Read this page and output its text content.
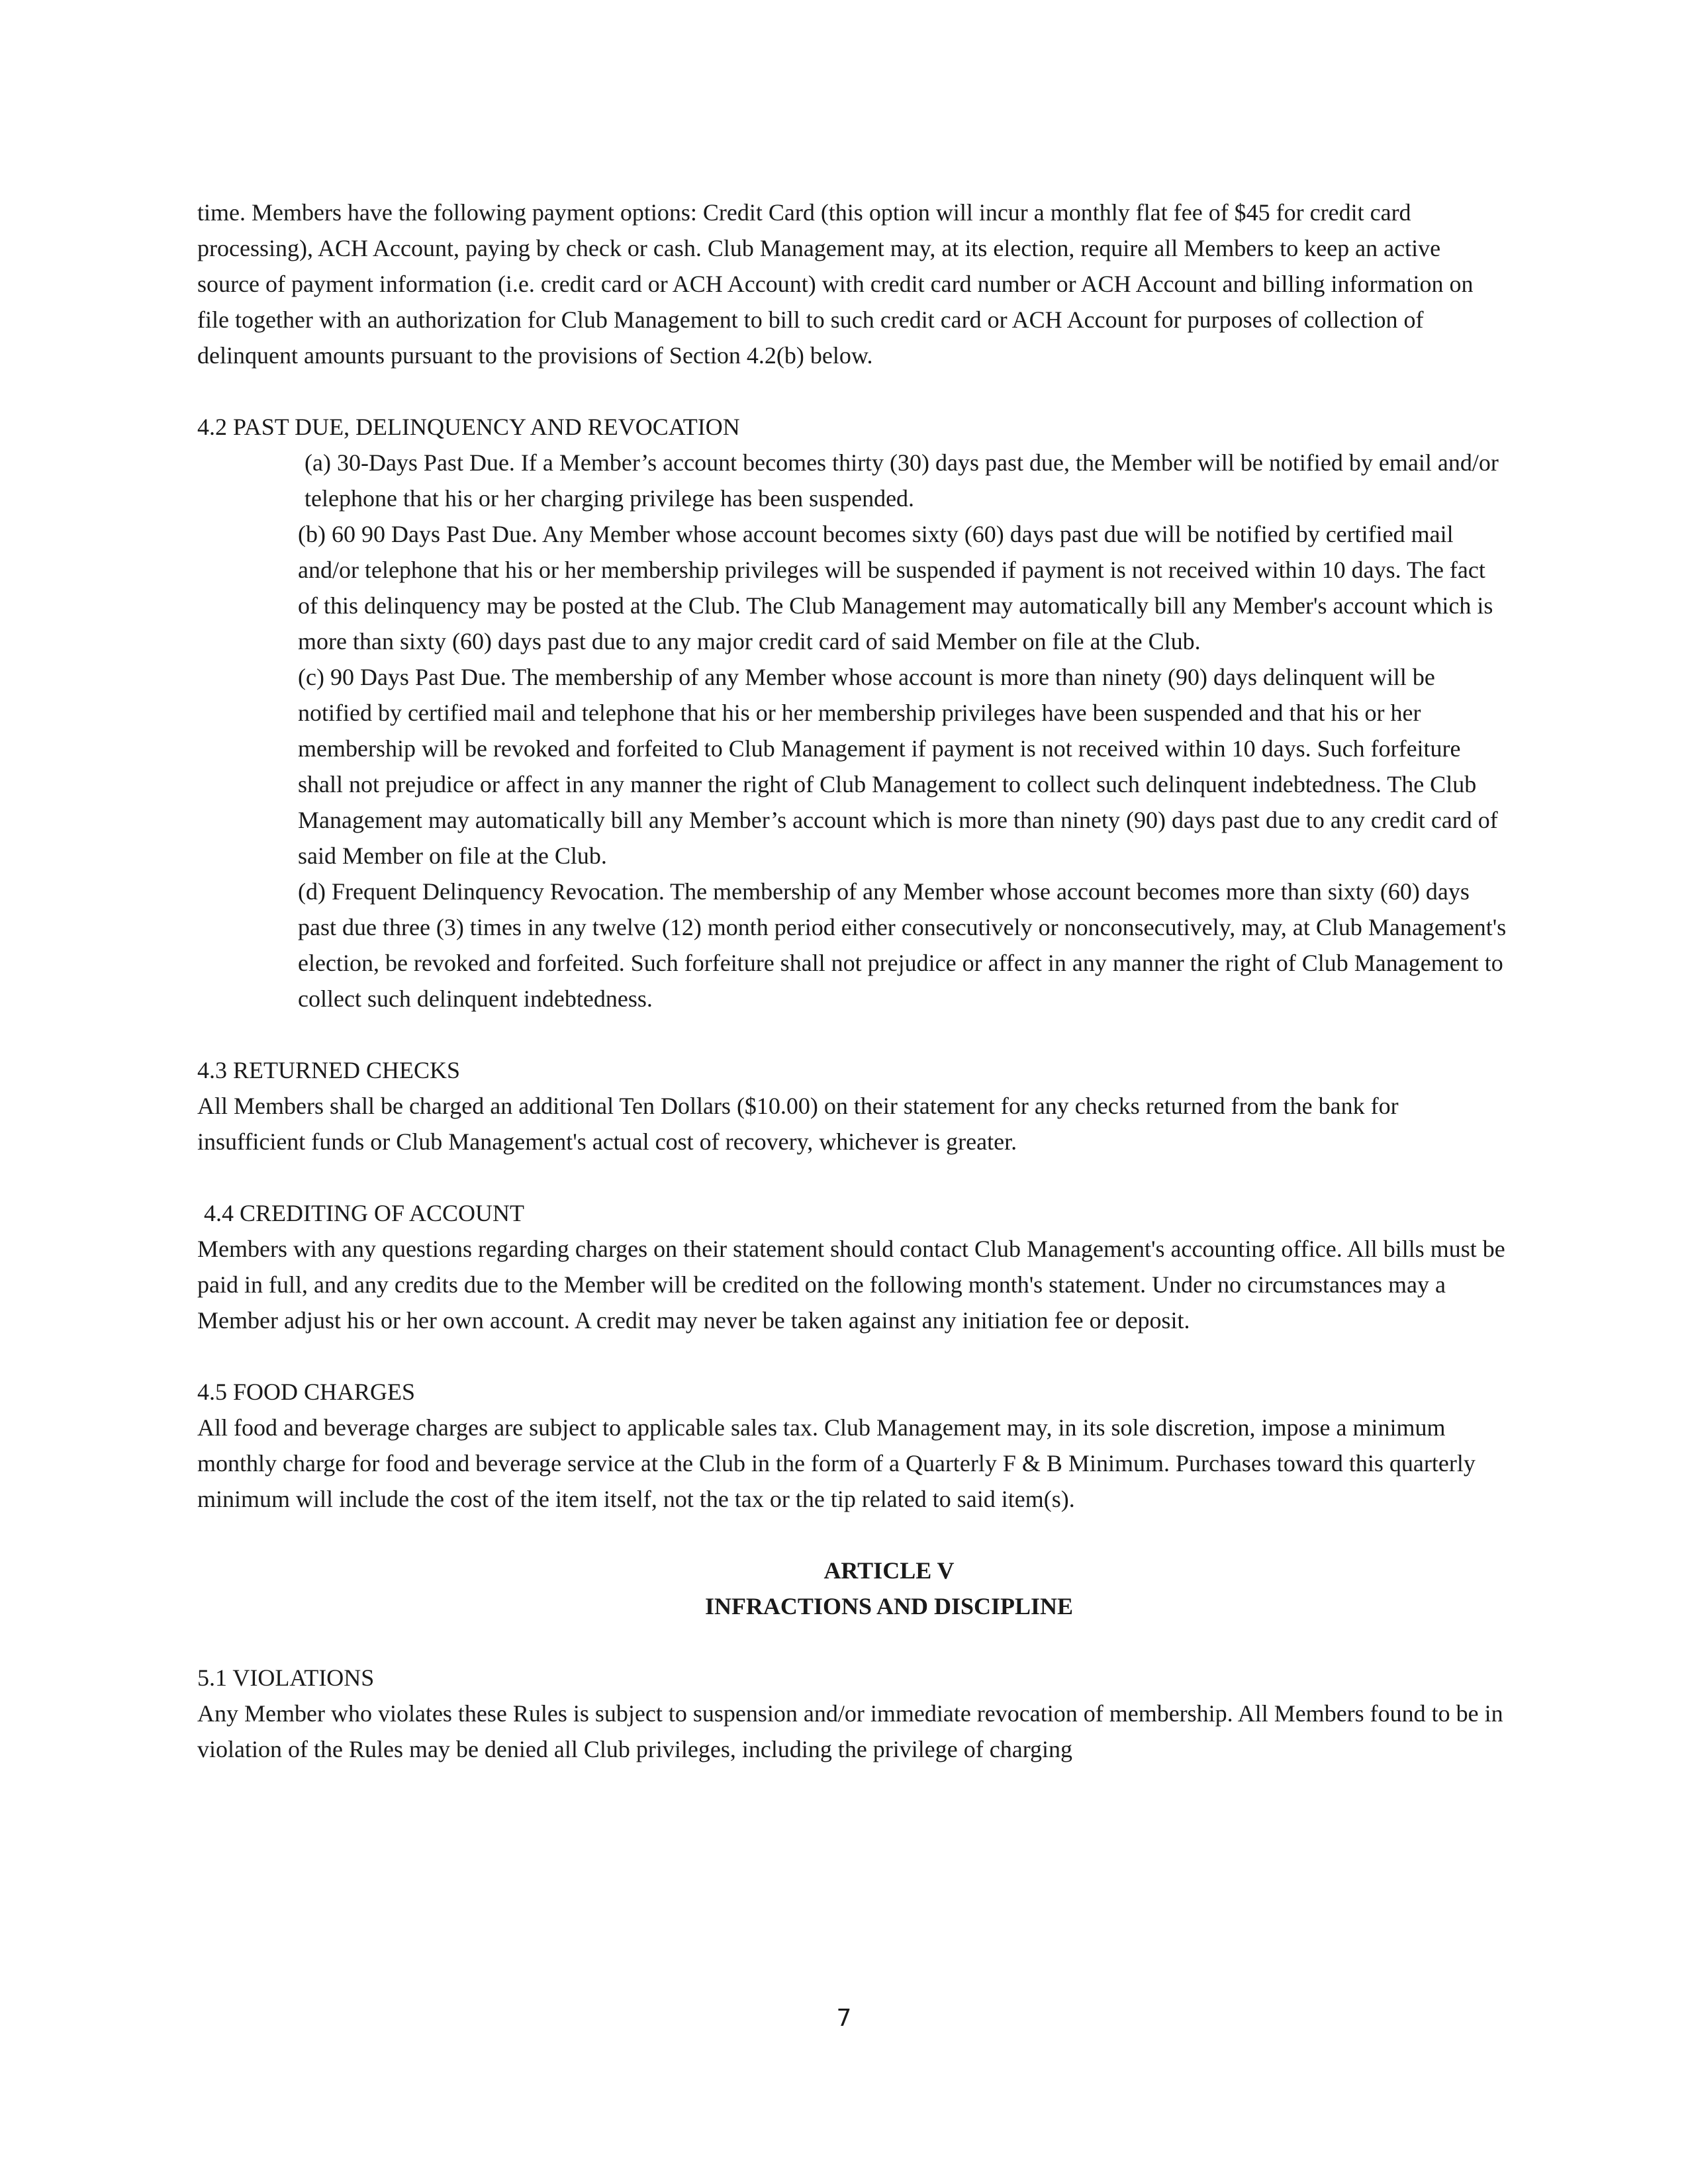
time. Members have the following payment options: Credit Card (this option will incur a monthly flat fee of $45 for credit card processing), ACH Account, paying by check or cash. Club Management may, at its election, require all Members to keep an active source of payment information (i.e. credit card or ACH Account) with credit card number or ACH Account and billing information on file together with an authorization for Club Management to bill to such credit card or ACH Account for purposes of collection of delinquent amounts pursuant to the provisions of Section 4.2(b) below.

4.2 PAST DUE, DELINQUENCY AND REVOCATION

(a) 30-Days Past Due. If a Member’s account becomes thirty (30) days past due, the Member will be notified by email and/or telephone that his or her charging privilege has been suspended.

(b) 60 90 Days Past Due. Any Member whose account becomes sixty (60) days past due will be notified by certified mail and/or telephone that his or her membership privileges will be suspended if payment is not received within 10 days. The fact of this delinquency may be posted at the Club. The Club Management may automatically bill any Member's account which is more than sixty (60) days past due to any major credit card of said Member on file at the Club.

(c) 90 Days Past Due. The membership of any Member whose account is more than ninety (90) days delinquent will be notified by certified mail and telephone that his or her membership privileges have been suspended and that his or her membership will be revoked and forfeited to Club Management if payment is not received within 10 days. Such forfeiture shall not prejudice or affect in any manner the right of Club Management to collect such delinquent indebtedness. The Club Management may automatically bill any Member’s account which is more than ninety (90) days past due to any credit card of said Member on file at the Club.

(d) Frequent Delinquency Revocation. The membership of any Member whose account becomes more than sixty (60) days past due three (3) times in any twelve (12) month period either consecutively or nonconsecutively, may, at Club Management's election, be revoked and forfeited. Such forfeiture shall not prejudice or affect in any manner the right of Club Management to collect such delinquent indebtedness.

4.3 RETURNED CHECKS

All Members shall be charged an additional Ten Dollars ($10.00) on their statement for any checks returned from the bank for insufficient funds or Club Management's actual cost of recovery, whichever is greater.

4.4 CREDITING OF ACCOUNT

Members with any questions regarding charges on their statement should contact Club Management's accounting office. All bills must be paid in full, and any credits due to the Member will be credited on the following month's statement. Under no circumstances may a Member adjust his or her own account. A credit may never be taken against any initiation fee or deposit.

4.5 FOOD CHARGES

All food and beverage charges are subject to applicable sales tax. Club Management may, in its sole discretion, impose a minimum monthly charge for food and beverage service at the Club in the form of a Quarterly F & B Minimum. Purchases toward this quarterly minimum will include the cost of the item itself, not the tax or the tip related to said item(s).

ARTICLE V

INFRACTIONS AND DISCIPLINE

5.1 VIOLATIONS

Any Member who violates these Rules is subject to suspension and/or immediate revocation of membership. All Members found to be in violation of the Rules may be denied all Club privileges, including the privilege of charging

7
